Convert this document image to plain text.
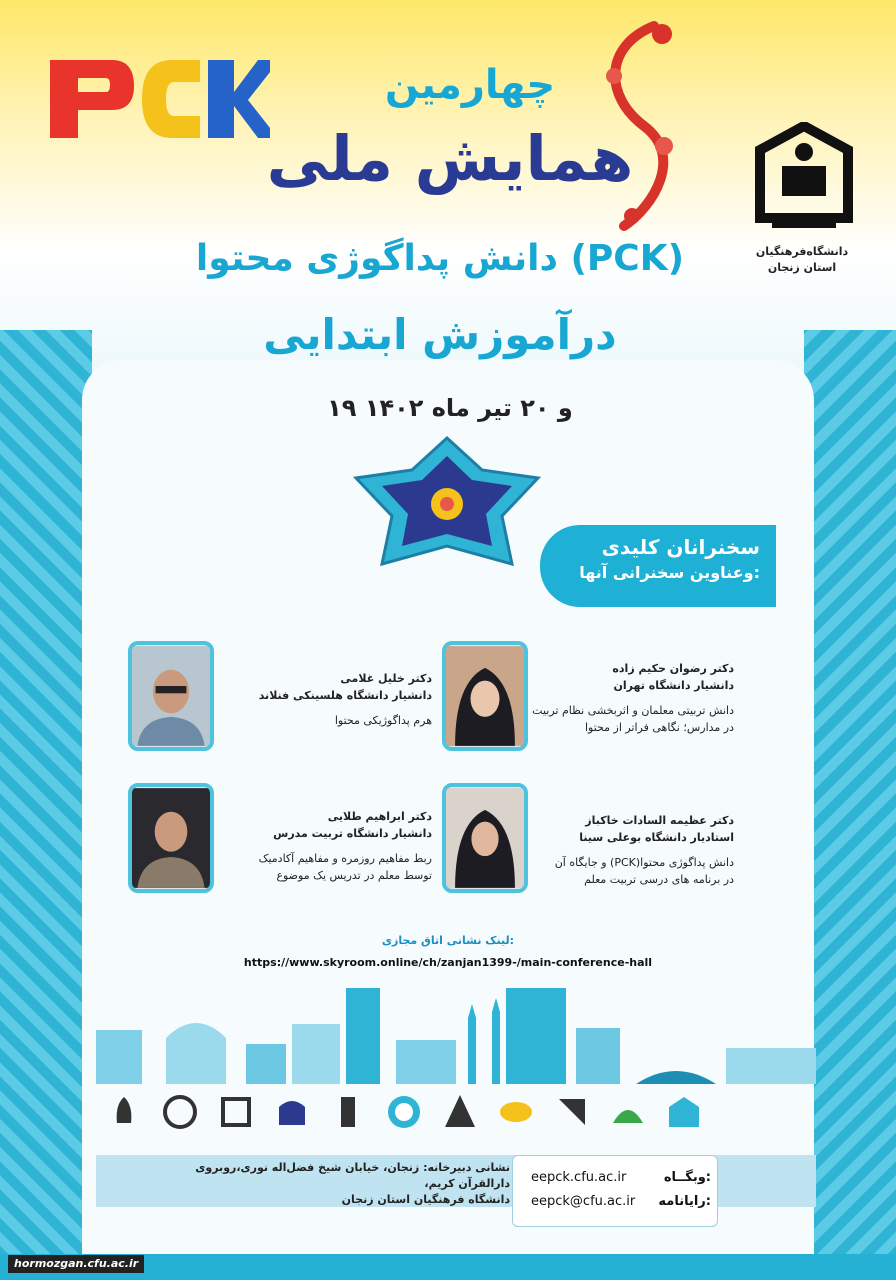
دانشگاه‌فرهنگیان
استان زنجان
چهارمین
همایش ملی
دانش پداگوژی محتوا (PCK)
درآموزش ابتدایی
۱۹ و ۲۰ تیر ماه ۱۴۰۲
سخنرانان کلیدی
وعناوین سخنرانی آنها:
دکتر رضوان حکیم زاده
دانشیار دانشگاه تهران
دانش تربیتی معلمان و اثربخشی نظام تربیت
در مدارس؛ نگاهی فراتر از محتوا
دکتر خلیل غلامی
دانشیار دانشگاه هلسینکی فنلاند
هرم پداگوژیکی محتوا
دکتر عظیمه السادات خاکباز
استادیار دانشگاه بوعلی سینا
دانش پداگوژی محتوا(PCK) و جایگاه آن
در برنامه های درسی تربیت معلم
دکتر ابراهیم طلایی
دانشیار دانشگاه تربیت مدرس
ربط مفاهیم روزمره و مفاهیم آکادمیک
توسط معلم در تدریس یک موضوع
لینک نشانی اتاق مجازی:
https://www.skyroom.online/ch/zanjan1399-/main-conference-hall
نشانی دبیرخانه: زنجان، خیابان شیخ فضل‌اله نوری،روبروی دارالقرآن کریم،
دانشگاه فرهنگیان استان زنجان
eepck.cfu.ac.ir	وبگــاه:
eepck@cfu.ac.ir رایانامه:
hormozgan.cfu.ac.ir
